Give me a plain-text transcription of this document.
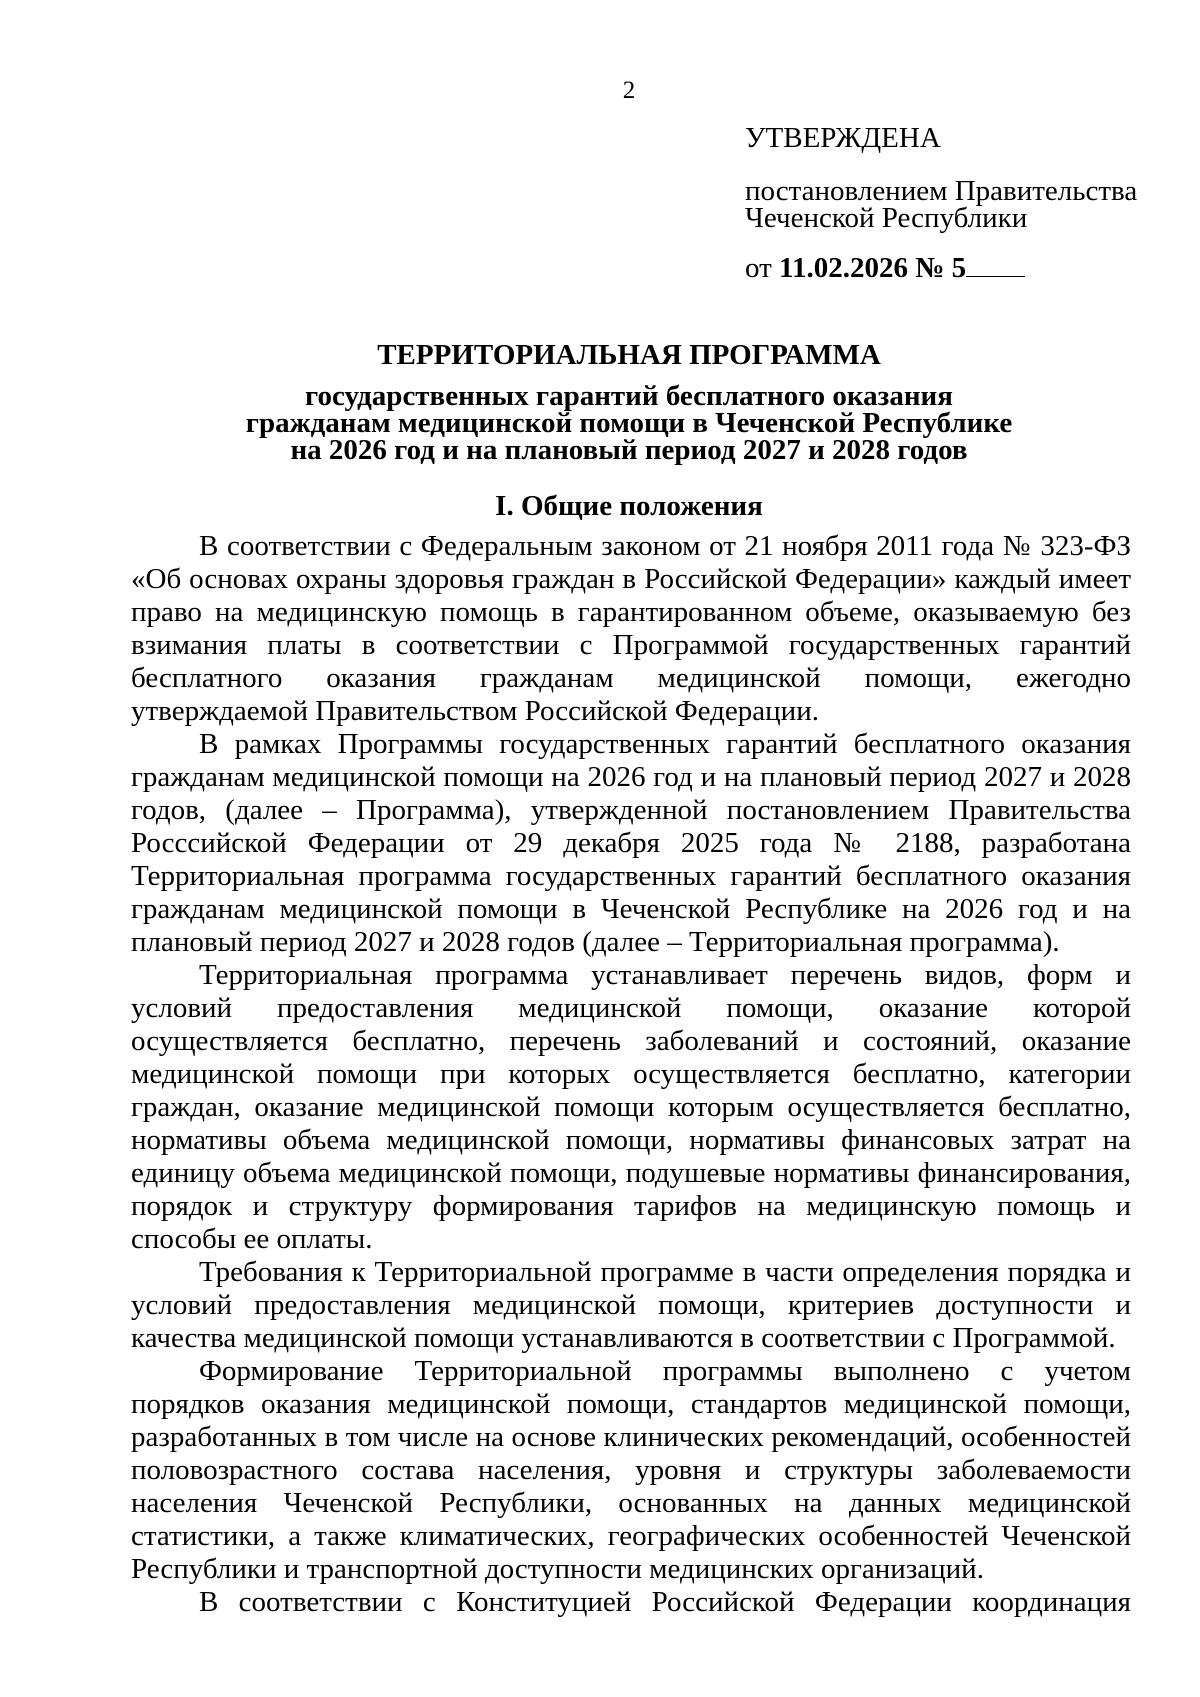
2
УТВЕРЖДЕНА
постановлением Правительства
Чеченской Республики
от 11.02.2026 № 5
ТЕРРИТОРИАЛЬНАЯ ПРОГРАММА
государственных гарантий бесплатного оказания
гражданам медицинской помощи в Чеченской Республике
на 2026 год и на плановый период 2027 и 2028 годов
I. Общие положения

В соответствии с Федеральным законом от 21 ноября 2011 года № 323-ФЗ «Об основах охраны здоровья граждан в Российской Федерации» каждый имеет право на медицинскую помощь в гарантированном объеме, оказываемую без взимания платы в соответствии с Программой государственных гарантий бесплатного оказания гражданам медицинской помощи, ежегодно утверждаемой Правительством Российской Федерации.

В рамках Программы государственных гарантий бесплатного оказания гражданам медицинской помощи на 2026 год и на плановый период 2027 и 2028 годов, (далее – Программа), утвержденной постановлением Правительства Росссийской Федерации от 29 декабря 2025 года № 2188, разработана Территориальная программа государственных гарантий бесплатного оказания гражданам медицинской помощи в Чеченской Республике на 2026 год и на плановый период 2027 и 2028 годов (далее – Территориальная программа).

Территориальная программа устанавливает перечень видов, форм и условий предоставления медицинской помощи, оказание которой осуществляется бесплатно, перечень заболеваний и состояний, оказание медицинской помощи при которых осуществляется бесплатно, категории граждан, оказание медицинской помощи которым осуществляется бесплатно, нормативы объема медицинской помощи, нормативы финансовых затрат на единицу объема медицинской помощи, подушевые нормативы финансирования, порядок и структуру формирования тарифов на медицинскую помощь и способы ее оплаты.

Требования к Территориальной программе в части определения порядка и условий предоставления медицинской помощи, критериев доступности и качества медицинской помощи устанавливаются в соответствии с Программой.

Формирование Территориальной программы выполнено с учетом порядков оказания медицинской помощи, стандартов медицинской помощи, разработанных в том числе на основе клинических рекомендаций, особенностей половозрастного состава населения, уровня и структуры заболеваемости населения Чеченской Республики, основанных на данных медицинской статистики, а также климатических, географических особенностей Чеченской Республики и транспортной доступности медицинских организаций.

В соответствии с Конституцией Российской Федерации координация
